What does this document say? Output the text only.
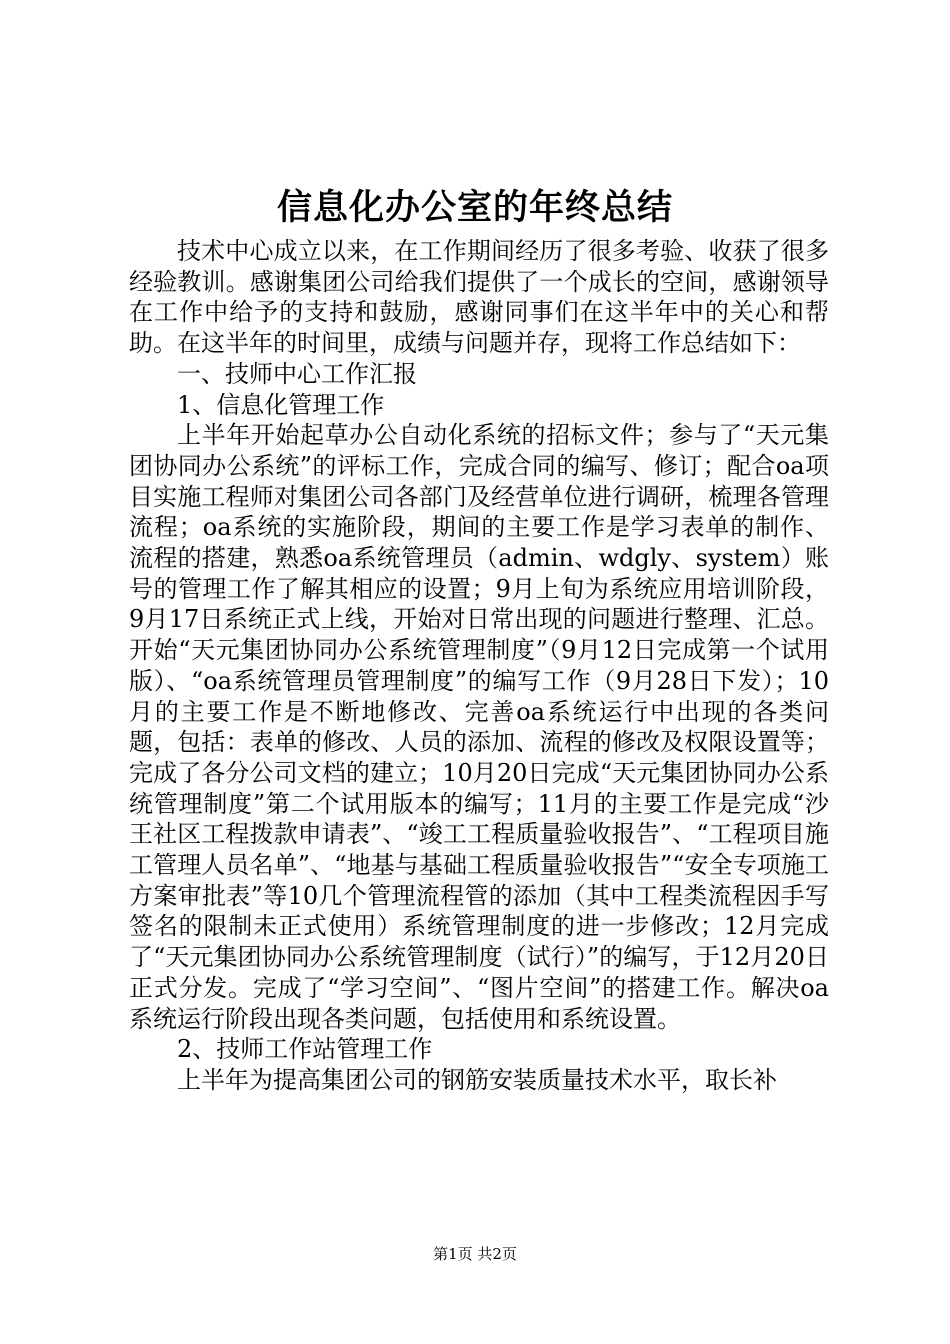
信息化办公室的年终总结

技术中心成立以来，在工作期间经历了很多考验、收获了很多经验教训。感谢集团公司给我们提供了一个成长的空间，感谢领导在工作中给予的支持和鼓励，感谢同事们在这半年中的关心和帮助。在这半年的时间里，成绩与问题并存，现将工作总结如下：

一、技师中心工作汇报

1、信息化管理工作

上半年开始起草办公自动化系统的招标文件；参与了“天元集团协同办公系统”的评标工作，完成合同的编写、修订；配合oa项目实施工程师对集团公司各部门及经营单位进行调研，梳理各管理流程；oa系统的实施阶段，期间的主要工作是学习表单的制作、流程的搭建，熟悉oa系统管理员（admin、wdgly、system）账号的管理工作了解其相应的设置；9月上旬为系统应用培训阶段，9月17日系统正式上线，开始对日常出现的问题进行整理、汇总。开始“天元集团协同办公系统管理制度”（9月12日完成第一个试用版）、“oa系统管理员管理制度”的编写工作（9月28日下发）；10月的主要工作是不断地修改、完善oa系统运行中出现的各类问题，包括：表单的修改、人员的添加、流程的修改及权限设置等；完成了各分公司文档的建立；10月20日完成“天元集团协同办公系统管理制度”第二个试用版本的编写；11月的主要工作是完成“沙王社区工程拨款申请表”、“竣工工程质量验收报告”、“工程项目施工管理人员名单”、“地基与基础工程质量验收报告”“安全专项施工方案审批表”等10几个管理流程管的添加（其中工程类流程因手写签名的限制未正式使用）系统管理制度的进一步修改；12月完成了“天元集团协同办公系统管理制度（试行）”的编写，于12月20日正式分发。完成了“学习空间”、“图片空间”的搭建工作。解决oa系统运行阶段出现各类问题，包括使用和系统设置。

2、技师工作站管理工作

上半年为提高集团公司的钢筋安装质量技术水平，取长补

第1页 共2页
